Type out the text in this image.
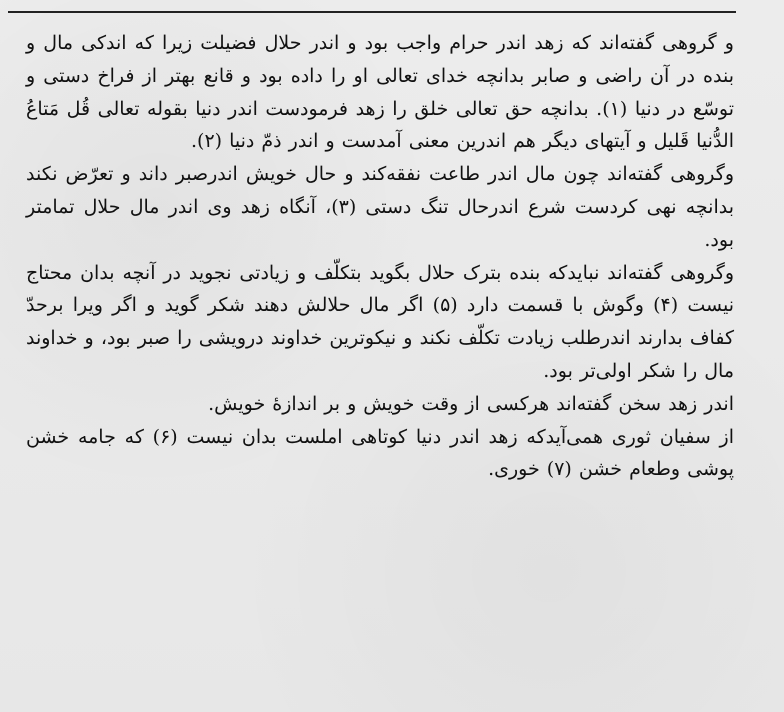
و گروهی گفته‌اند که زهد اندر حرام واجب بود و اندر حلال فضیلت زیرا که اندکی مال و بنده در آن راضی و صابر بدانچه خدای تعالی او را داده بود و قانع بهتر از فراخ دستی و توسّع در دنیا (۱). بدانچه حق تعالی خلق را زهد فرمودست اندر دنیا بقوله تعالی قُل مَتاعُ الدُّنیا قَلیل و آیتهای دیگر هم اندرین معنی آمدست و اندر ذمّ دنیا (۲).

وگروهی گفته‌اند چون مال اندر طاعت نفقه‌کند و حال خویش اندرصبر داند و تعرّض نکند بدانچه نهی کردست شرع اندرحال تنگ دستی (۳)، آنگاه زهد وی اندر مال حلال تمامتر بود.

وگروهی گفته‌اند نبایدکه بنده بترک حلال بگوید بتکلّف و زیادتی نجوید در آنچه بدان محتاج نیست (۴) وگوش با قسمت دارد (۵) اگر مال حلالش دهند شکر گوید و اگر ویرا برحدّ کفاف بدارند اندرطلب زیادت تکلّف نکند و نیکوترین خداوند درویشی را صبر بود، و خداوند مال را شکر اولی‌تر بود.

اندر زهد سخن گفته‌اند هرکسی از وقت خویش و بر اندازهٔ خویش.

از سفیان ثوری همی‌آیدکه زهد اندر دنیا کوتاهی املست بدان نیست (۶) که جامه خشن پوشی وطعام خشن (۷) خوری.
